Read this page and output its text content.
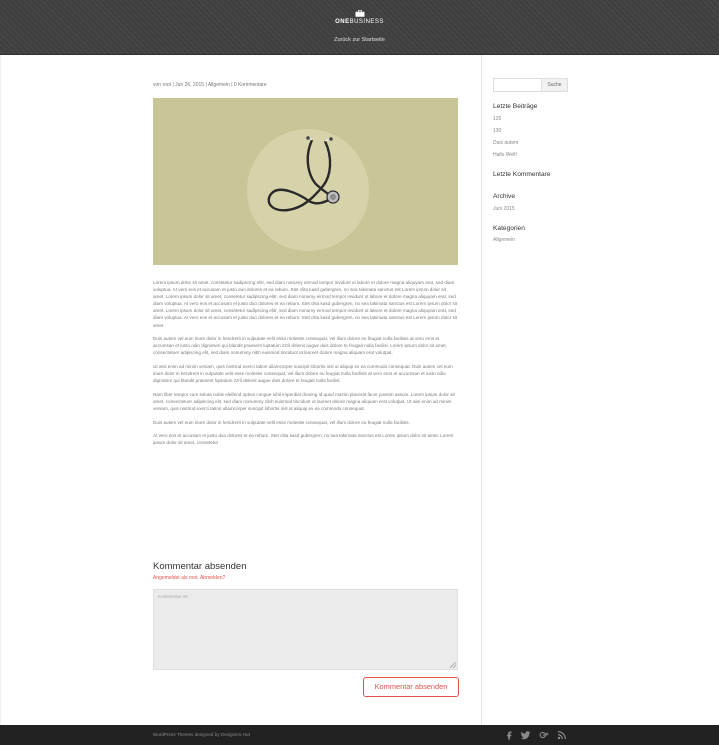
ONEBUSINESS
Zurück zur Startseite
von root | Jun 26, 2015 | Allgemein | 0 Kommentare

Lorem ipsum dolor sit amet, consetetur sadipscing elitr, sed diam nonumy eirmod tempor invidunt ut labore et dolore magna aliquyam erat, sed diam voluptua. At vero eos et accusam et justo duo dolores et ea rebum. Stet clita kasd gubergren, no sea takimata sanctus est Lorem ipsum dolor sit amet. Lorem ipsum dolor sit amet, consetetur sadipscing elitr, sed diam nonumy eirmod tempor invidunt ut labore et dolore magna aliquyam erat, sed diam voluptua. At vero eos et accusam et justo duo dolores et ea rebum. Stet clita kasd gubergren, no sea takimata sanctus est Lorem ipsum dolor sit amet. Lorem ipsum dolor sit amet, consetetur sadipscing elitr, sed diam nonumy eirmod tempor invidunt ut labore et dolore magna aliquyam erat, sed diam voluptua. At vero eos et accusam et justo duo dolores et ea rebum. Stet clita kasd gubergren, no sea takimata sanctus est Lorem ipsum dolor sit amet.

Duis autem vel eum iriure dolor in hendrerit in vulputate velit esse molestie consequat, vel illum dolore eu feugiat nulla facilisis at vero eros et accumsan et iusto odio dignissim qui blandit praesent luptatum zzril delenit augue duis dolore te feugait nulla facilisi. Lorem ipsum dolor sit amet, consectetuer adipiscing elit, sed diam nonummy nibh euismod tincidunt ut laoreet dolore magna aliquam erat volutpat.

Ut wisi enim ad minim veniam, quis nostrud exerci tation ullamcorper suscipit lobortis nisl ut aliquip ex ea commodo consequat. Duis autem vel eum iriure dolor in hendrerit in vulputate velit esse molestie consequat, vel illum dolore eu feugiat nulla facilisis at vero eros et accumsan et iusto odio dignissim qui blandit praesent luptatum zzril delenit augue duis dolore te feugait nulla facilisi.

Nam liber tempor cum soluta nobis eleifend option congue nihil imperdiet doming id quod mazim placerat facer possim assum. Lorem ipsum dolor sit amet, consectetuer adipiscing elit, sed diam nonummy nibh euismod tincidunt ut laoreet dolore magna aliquam erat volutpat. Ut wisi enim ad minim veniam, quis nostrud exerci tation ullamcorper suscipit lobortis nisl ut aliquip ex ea commodo consequat.

Duis autem vel eum iriure dolor in hendrerit in vulputate velit esse molestie consequat, vel illum dolore eu feugiat nulla facilisis.

At vero eos et accusam et justo duo dolores et ea rebum. Stet clita kasd gubergren, no sea takimata sanctus est Lorem ipsum dolor sit amet. Lorem ipsum dolor sit amet, consetetur

Kommentar absenden
Angemeldet als root. Abmelden?
Kommentar ist
Kommentar absenden
Suche
Letzte Beiträge
120
130
Duis autem
Hallo Welt!
Letzte Kommentare
Archive
Juni 2015
Kategorien
Allgemein
WordPress Themes designed by Designers Hut
